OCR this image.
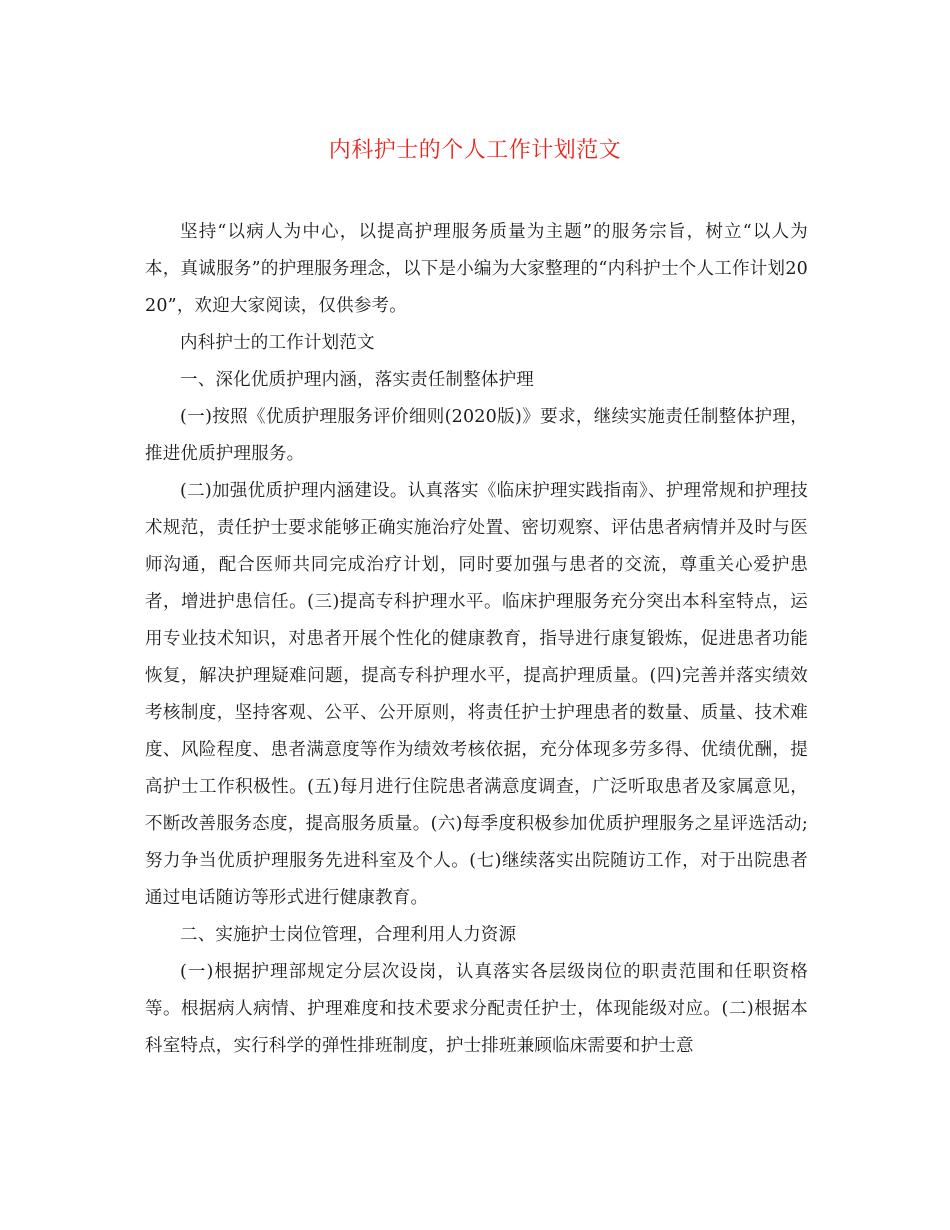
内科护士的个人工作计划范文

坚持“以病人为中心，以提高护理服务质量为主题”的服务宗旨，树立“以人为本，真诚服务”的护理服务理念，以下是小编为大家整理的“内科护士个人工作计划2020”，欢迎大家阅读，仅供参考。

内科护士的工作计划范文

一、深化优质护理内涵，落实责任制整体护理

(一)按照《优质护理服务评价细则(2020版)》要求，继续实施责任制整体护理，推进优质护理服务。

(二)加强优质护理内涵建设。认真落实《临床护理实践指南》、护理常规和护理技术规范，责任护士要求能够正确实施治疗处置、密切观察、评估患者病情并及时与医师沟通，配合医师共同完成治疗计划，同时要加强与患者的交流，尊重关心爱护患者，增进护患信任。(三)提高专科护理水平。临床护理服务充分突出本科室特点，运用专业技术知识，对患者开展个性化的健康教育，指导进行康复锻炼，促进患者功能恢复，解决护理疑难问题，提高专科护理水平，提高护理质量。(四)完善并落实绩效考核制度，坚持客观、公平、公开原则，将责任护士护理患者的数量、质量、技术难度、风险程度、患者满意度等作为绩效考核依据，充分体现多劳多得、优绩优酬，提高护士工作积极性。(五)每月进行住院患者满意度调查，广泛听取患者及家属意见，不断改善服务态度，提高服务质量。(六)每季度积极参加优质护理服务之星评选活动;努力争当优质护理服务先进科室及个人。(七)继续落实出院随访工作，对于出院患者通过电话随访等形式进行健康教育。

二、实施护士岗位管理，合理利用人力资源

(一)根据护理部规定分层次设岗，认真落实各层级岗位的职责范围和任职资格等。根据病人病情、护理难度和技术要求分配责任护士，体现能级对应。(二)根据本科室特点，实行科学的弹性排班制度，护士排班兼顾临床需要和护士意
